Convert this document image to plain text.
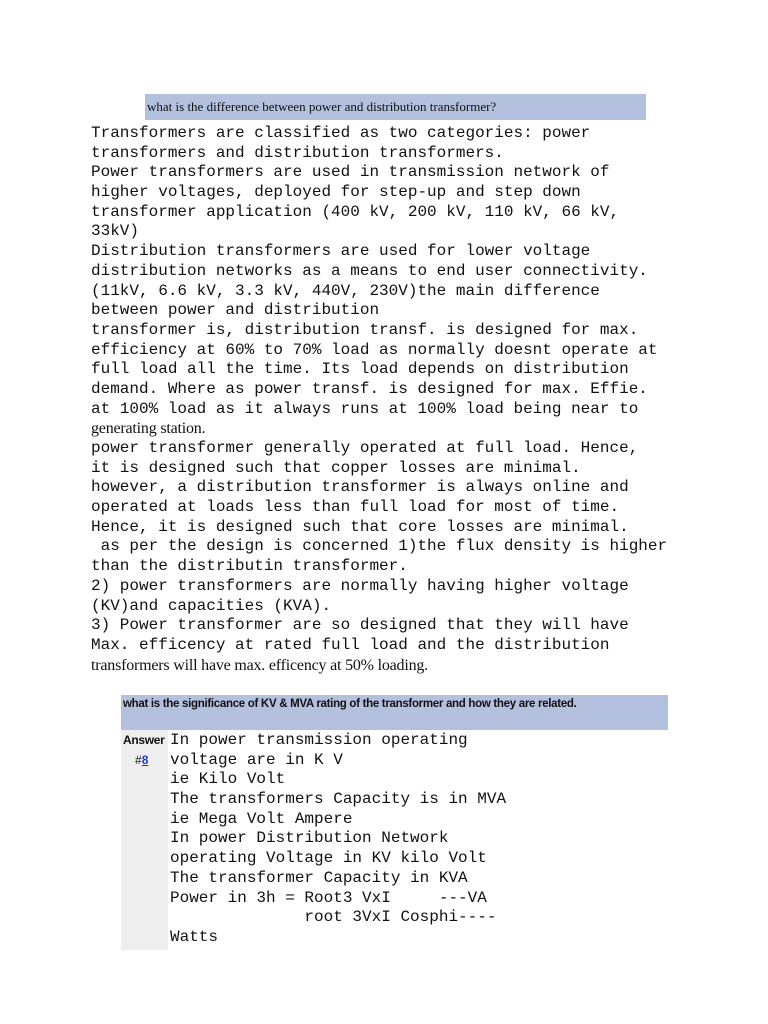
what is the difference between power and distribution transformer?
Transformers are classified as two categories: power
transformers and distribution transformers.
Power transformers are used in transmission network of
higher voltages, deployed for step-up and step down
transformer application (400 kV, 200 kV, 110 kV, 66 kV,
33kV)
Distribution transformers are used for lower voltage
distribution networks as a means to end user connectivity.
(11kV, 6.6 kV, 3.3 kV, 440V, 230V)the main difference
between power and distribution
transformer is, distribution transf. is designed for max.
efficiency at 60% to 70% load as normally doesnt operate at
full load all the time. Its load depends on distribution
demand. Where as power transf. is designed for max. Effie.
at 100% load as it always runs at 100% load being near to
generating station.
power transformer generally operated at full load. Hence,
it is designed such that copper losses are minimal.
however, a distribution transformer is always online and
operated at loads less than full load for most of time.
Hence, it is designed such that core losses are minimal.
as per the design is concerned 1)the flux density is higher
than the distributin transformer.
2) power transformers are normally having higher voltage
(KV)and capacities (KVA).
3) Power transformer are so designed that they will have
Max. efficency at rated full load and the distribution
transformers will have max. efficency at 50% loading.
what is the significance of KV & MVA rating of the transformer and how they are related.
Answer
#8
In power transmission operating
voltage are in K V
ie Kilo Volt
The transformers Capacity is in MVA
ie Mega Volt Ampere
In power Distribution Network
operating Voltage in KV kilo Volt
The transformer Capacity in KVA
Power in 3h = Root3 VxI     ---VA
root 3VxI Cosphi----
Watts
